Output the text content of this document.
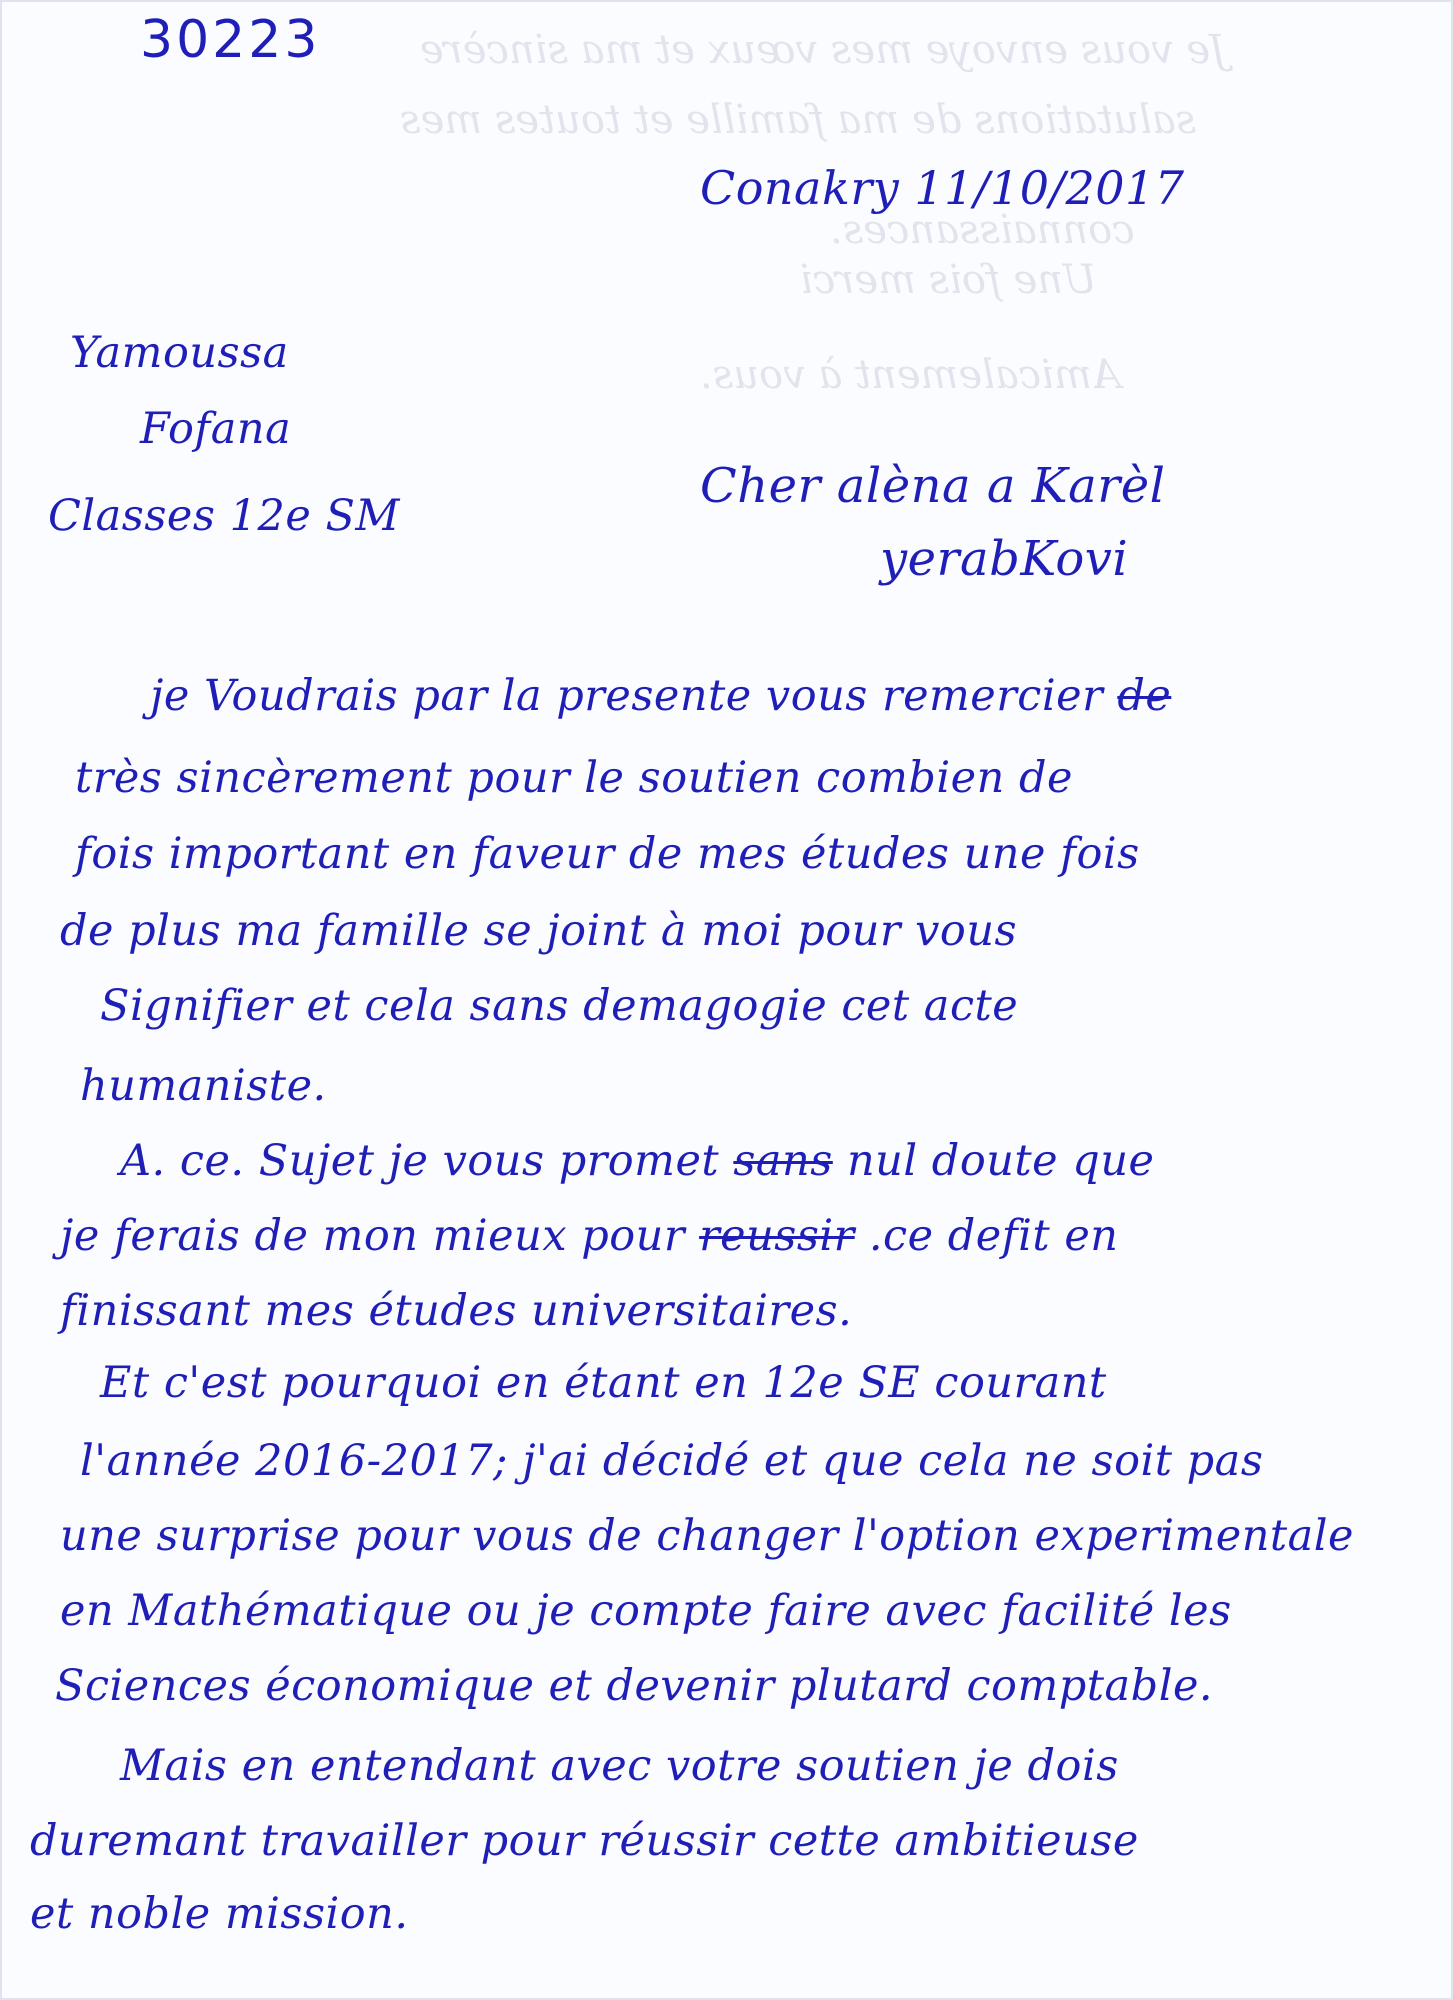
Je vous envoye mes vœux et ma sincère
salutations de ma famille et toutes mes
connaissances.
Une fois merci
Amicalement à vous.
30223
Conakry 11/10/2017
Yamoussa
Fofana
Classes 12e SM
Cher alèna a Karèl
yerabKovi
je Voudrais par la presente vous remercier de
très sincèrement pour le soutien combien de
fois important en faveur de mes études une fois
de plus ma famille se joint à moi pour vous
Signifier et cela sans demagogie cet acte
humaniste.
A. ce. Sujet je vous promet sans nul doute que
je ferais de mon mieux pour reussir .ce defit en
finissant mes études universitaires.
Et c'est pourquoi en étant en 12e SE courant
l'année 2016-2017; j'ai décidé et que cela ne soit pas
une surprise pour vous de changer l'option experimentale
en Mathématique ou je compte faire avec facilité les
Sciences économique et devenir plutard comptable.
Mais en entendant avec votre soutien je dois
duremant travailler pour réussir cette ambitieuse
et noble mission.
